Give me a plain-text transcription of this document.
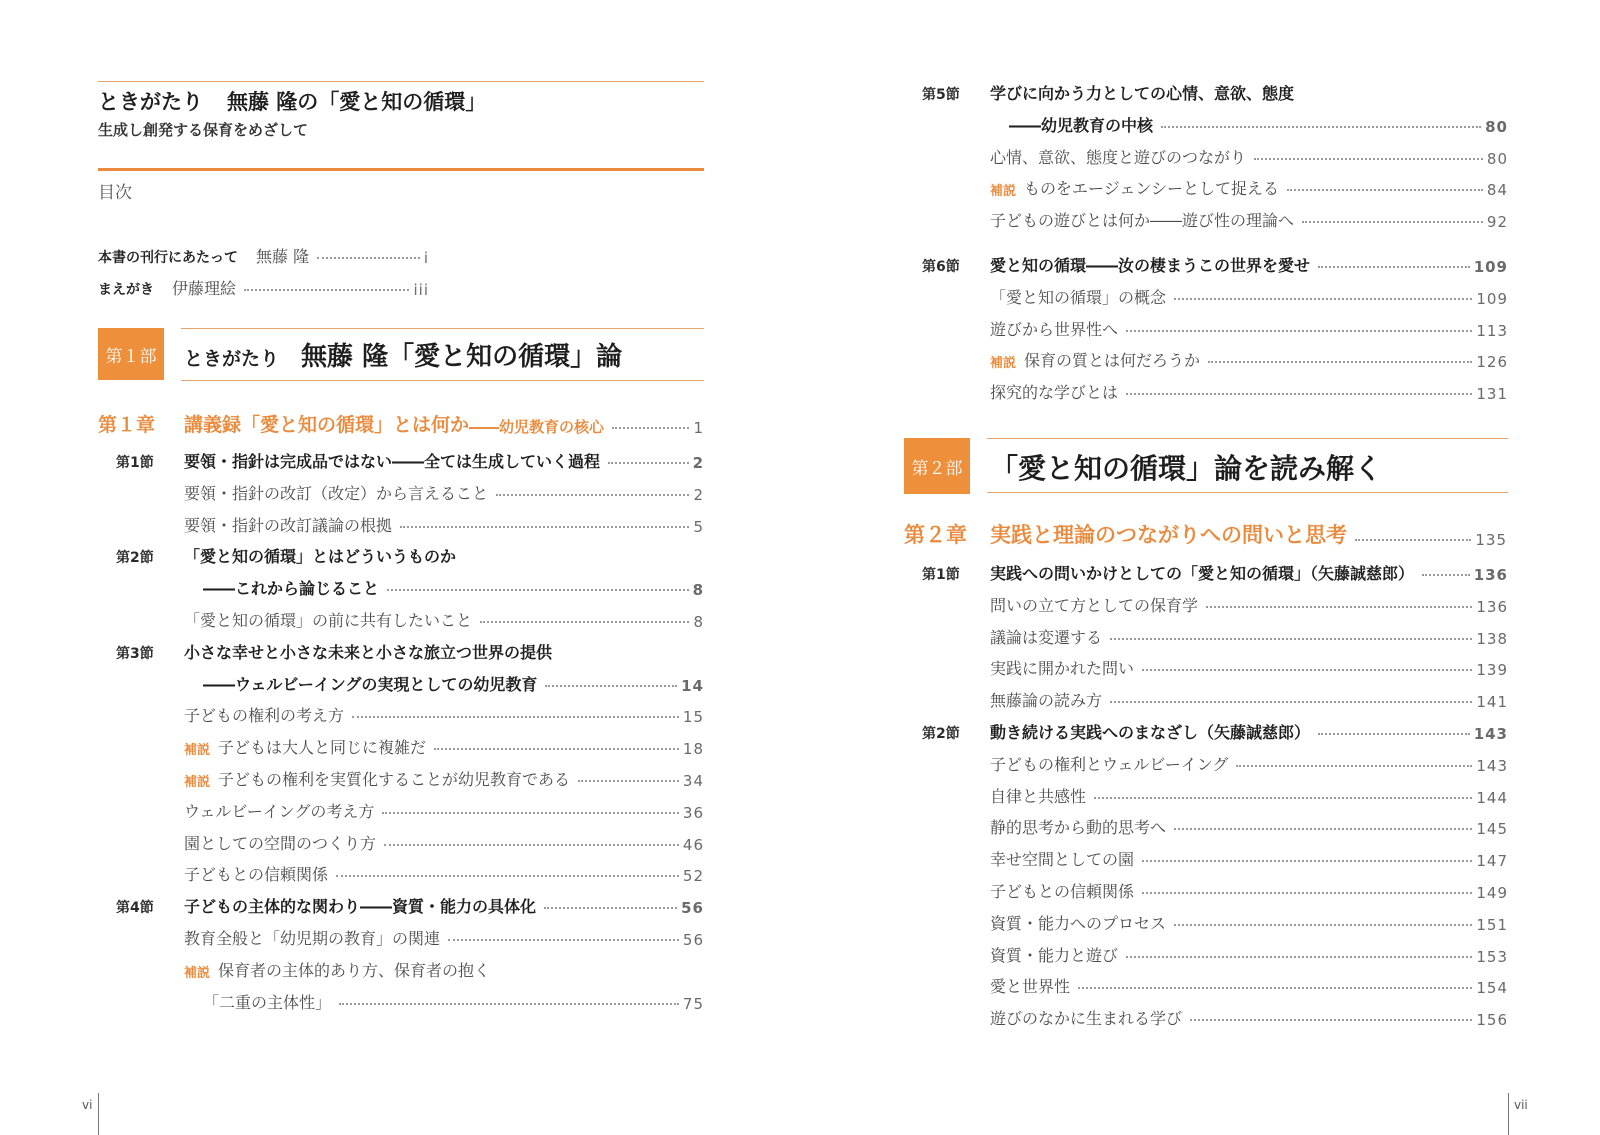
ときがたり 無藤 隆の「愛と知の循環」
生成し創発する保育をめざして
目次
本書の刊行にあたって 無藤 隆	i
まえがき 伊藤理絵	iii
第１部	ときがたり 無藤 隆「愛と知の循環」論
第１章	講義録「愛と知の循環」とは何か ――幼児教育の核心	1
第1節 要領・指針は完成品ではない――全ては生成していく過程	2
要領・指針の改訂（改定）から言えること	2
要領・指針の改訂議論の根拠	5
第2節 「愛と知の循環」とはどういうものか
――これから論じること	8
「愛と知の循環」の前に共有したいこと	8
第3節 小さな幸せと小さな未来と小さな旅立つ世界の提供
――ウェルビーイングの実現としての幼児教育	14
子どもの権利の考え方	15
補説 子どもは大人と同じに複雑だ	18
補説 子どもの権利を実質化することが幼児教育である	34
ウェルビーイングの考え方	36
園としての空間のつくり方	46
子どもとの信頼関係	52
第4節 子どもの主体的な関わり――資質・能力の具体化	56
教育全般と「幼児期の教育」の関連	56
補説 保育者の主体的あり方、保育者の抱く
「二重の主体性」	75
第5節 学びに向かう力としての心情、意欲、態度
――幼児教育の中核	80
心情、意欲、態度と遊びのつながり	80
補説 ものをエージェンシーとして捉える	84
子どもの遊びとは何か――遊び性の理論へ	92
第6節 愛と知の循環――汝の棲まうこの世界を愛せ	109
「愛と知の循環」の概念	109
遊びから世界性へ	113
補説 保育の質とは何だろうか	126
探究的な学びとは	131
第２部 「愛と知の循環」論を読み解く
第２章	実践と理論のつながりへの問いと思考	135
第1節 実践への問いかけとしての「愛と知の循環」（矢藤誠慈郎）	136
問いの立て方としての保育学	136
議論は変遷する	138
実践に開かれた問い	139
無藤論の読み方	141
第2節 動き続ける実践へのまなざし（矢藤誠慈郎）	143
子どもの権利とウェルビーイング	143
自律と共感性	144
静的思考から動的思考へ	145
幸せ空間としての園	147
子どもとの信頼関係	149
資質・能力へのプロセス	151
資質・能力と遊び	153
愛と世界性	154
遊びのなかに生まれる学び	156
vi	vii
